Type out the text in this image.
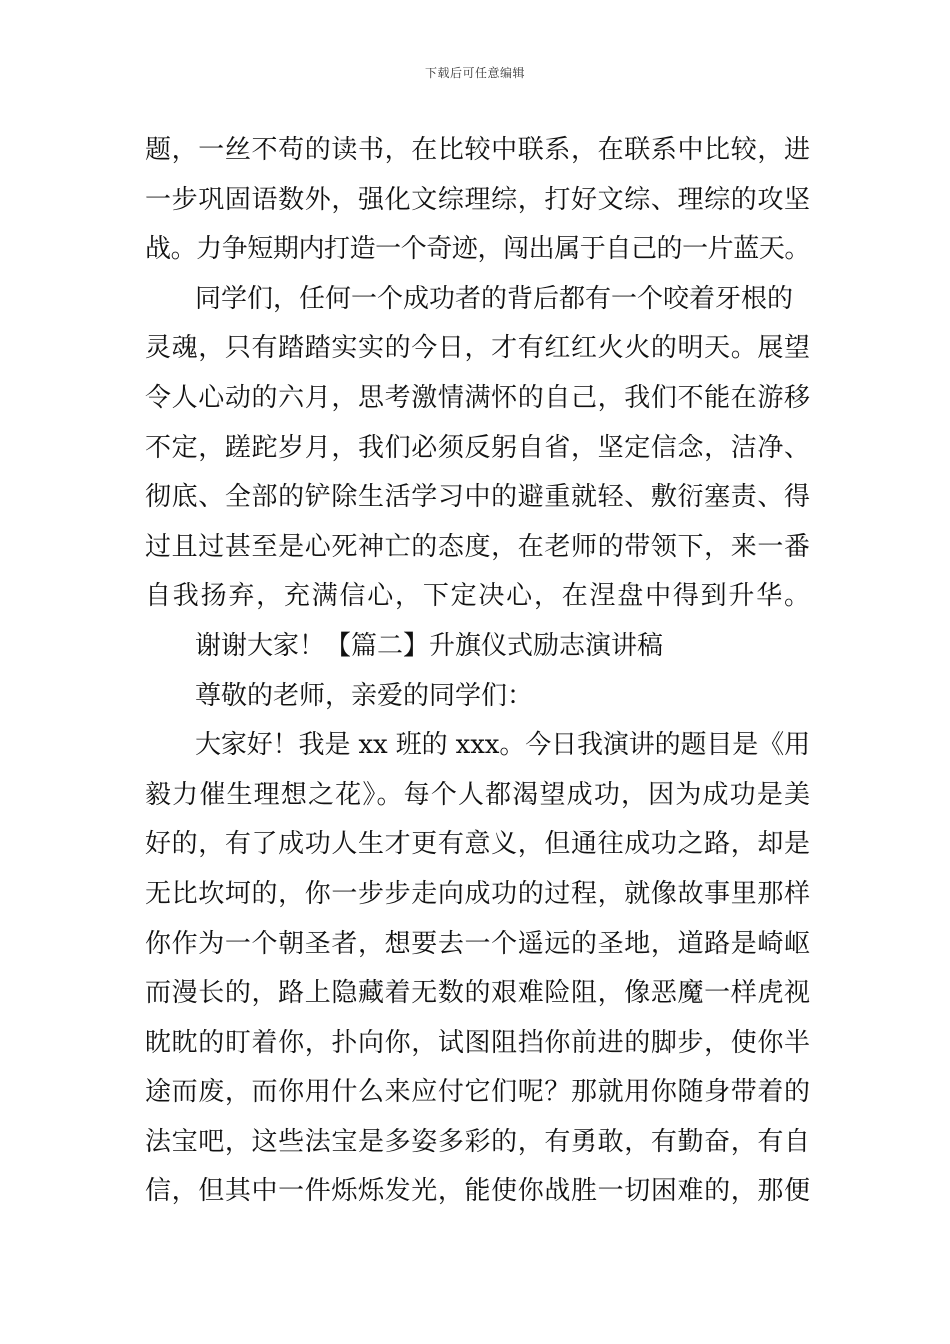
下载后可任意编辑
题，一丝不苟的读书，在比较中联系，在联系中比较，进
一步巩固语数外，强化文综理综，打好文综、理综的攻坚
战。力争短期内打造一个奇迹，闯出属于自己的一片蓝天。
同学们，任何一个成功者的背后都有一个咬着牙根的
灵魂，只有踏踏实实的今日，才有红红火火的明天。展望
令人心动的六月，思考激情满怀的自己，我们不能在游移
不定，蹉跎岁月，我们必须反躬自省，坚定信念，洁净、
彻底、全部的铲除生活学习中的避重就轻、敷衍塞责、得
过且过甚至是心死神亡的态度，在老师的带领下，来一番
自我扬弃，充满信心，下定决心，在涅盘中得到升华。
谢谢大家！【篇二】升旗仪式励志演讲稿
尊敬的老师，亲爱的同学们：
大家好！我是 xx 班的 xxx。今日我演讲的题目是《用
毅力催生理想之花》。每个人都渴望成功，因为成功是美
好的，有了成功人生才更有意义，但通往成功之路，却是
无比坎坷的，你一步步走向成功的过程，就像故事里那样
你作为一个朝圣者，想要去一个遥远的圣地，道路是崎岖
而漫长的，路上隐藏着无数的艰难险阻，像恶魔一样虎视
眈眈的盯着你，扑向你，试图阻挡你前进的脚步，使你半
途而废，而你用什么来应付它们呢？那就用你随身带着的
法宝吧，这些法宝是多姿多彩的，有勇敢，有勤奋，有自
信，但其中一件烁烁发光，能使你战胜一切困难的，那便
